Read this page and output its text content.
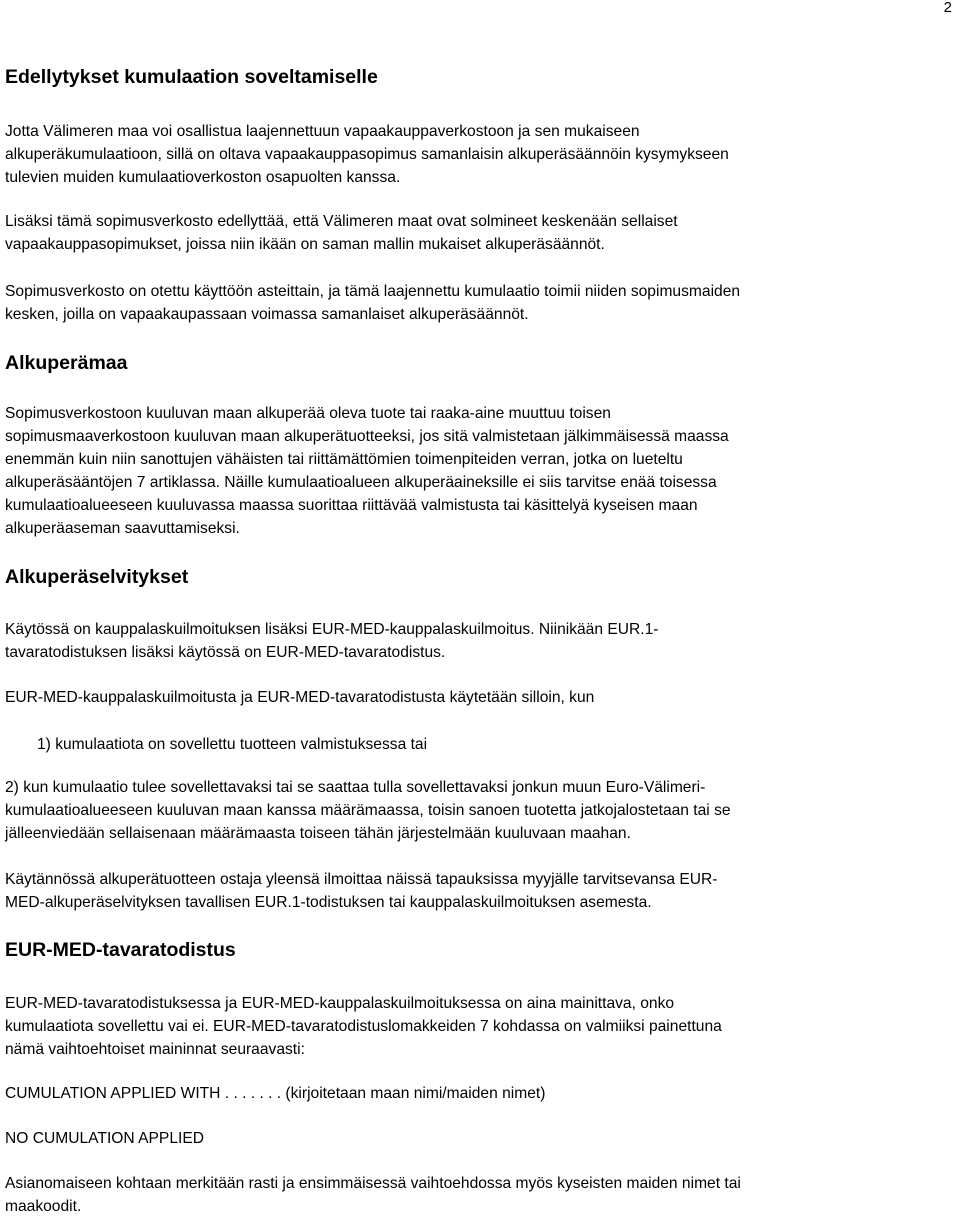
2
Edellytykset kumulaation soveltamiselle

Jotta Välimeren maa voi osallistua laajennettuun vapaakauppaverkostoon ja sen mukaiseen

alkuperäkumulaatioon, sillä on oltava vapaakauppasopimus samanlaisin alkuperäsäännöin kysymykseen

tulevien muiden kumulaatioverkoston osapuolten kanssa.

Lisäksi tämä sopimusverkosto edellyttää, että Välimeren maat ovat solmineet keskenään sellaiset

vapaakauppasopimukset, joissa niin ikään on saman mallin mukaiset alkuperäsäännöt.

Sopimusverkosto on otettu käyttöön asteittain, ja tämä laajennettu kumulaatio toimii niiden sopimusmaiden

kesken, joilla on vapaakaupassaan voimassa samanlaiset alkuperäsäännöt.

Alkuperämaa

Sopimusverkostoon kuuluvan maan alkuperää oleva tuote tai raaka-aine muuttuu toisen

sopimusmaaverkostoon kuuluvan maan alkuperätuotteeksi, jos sitä valmistetaan jälkimmäisessä maassa

enemmän kuin niin sanottujen vähäisten tai riittämättömien toimenpiteiden verran, jotka on lueteltu

alkuperäsääntöjen 7 artiklassa. Näille kumulaatioalueen alkuperäaineksille ei siis tarvitse enää toisessa

kumulaatioalueeseen kuuluvassa maassa suorittaa riittävää valmistusta tai käsittelyä kyseisen maan

alkuperäaseman saavuttamiseksi.

Alkuperäselvitykset

Käytössä on kauppalaskuilmoituksen lisäksi EUR-MED-kauppalaskuilmoitus. Niinikään EUR.1-

tavaratodistuksen lisäksi käytössä on EUR-MED-tavaratodistus.

EUR-MED-kauppalaskuilmoitusta ja EUR-MED-tavaratodistusta käytetään silloin, kun

1) kumulaatiota on sovellettu tuotteen valmistuksessa tai

2) kun kumulaatio tulee sovellettavaksi tai se saattaa tulla sovellettavaksi jonkun muun Euro-Välimeri-

kumulaatioalueeseen kuuluvan maan kanssa määrämaassa, toisin sanoen tuotetta jatkojalostetaan tai se

jälleenviedään sellaisenaan määrämaasta toiseen tähän järjestelmään kuuluvaan maahan.

Käytännössä alkuperätuotteen ostaja yleensä ilmoittaa näissä tapauksissa myyjälle tarvitsevansa EUR-

MED-alkuperäselvityksen tavallisen EUR.1-todistuksen tai kauppalaskuilmoituksen asemesta.

EUR-MED-tavaratodistus

EUR-MED-tavaratodistuksessa ja EUR-MED-kauppalaskuilmoituksessa on aina mainittava, onko

kumulaatiota sovellettu vai ei. EUR-MED-tavaratodistuslomakkeiden 7 kohdassa on valmiiksi painettuna

nämä vaihtoehtoiset maininnat seuraavasti:

CUMULATION APPLIED WITH . . . . . . . (kirjoitetaan maan nimi/maiden nimet)

NO CUMULATION APPLIED

Asianomaiseen kohtaan merkitään rasti ja ensimmäisessä vaihtoehdossa myös kyseisten maiden nimet tai

maakoodit.
